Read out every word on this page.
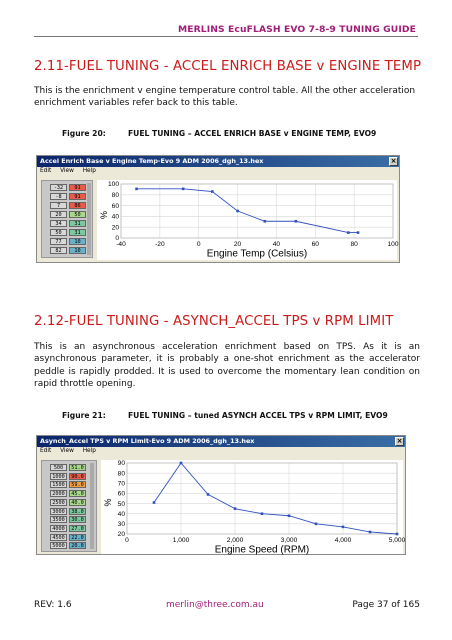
MERLINS EcuFLASH EVO 7-8-9 TUNING GUIDE
2.11-FUEL TUNING - ACCEL ENRICH BASE v ENGINE TEMP
This is the enrichment v engine temperature control table. All the other acceleration enrichment variables refer back to this table.
Figure 20:	FUEL TUNING – ACCEL ENRICH BASE v ENGINE TEMP, EVO9
Accel Enrich Base v Engine Temp-Evo 9 ADM 2006_dgh_13.hex	×
Edit View Help
-32	91
-8	91
7	86
20	50
34	31
50	31
77	10
82	10
0
20
40
60
80
100
-40	-20	0	20	40	60	80	100
%
Engine Temp (Celsius)
2.12-FUEL TUNING - ASYNCH_ACCEL TPS v RPM LIMIT
This is an asynchronous acceleration enrichment based on TPS. As it is an asynchronous parameter, it is probably a one-shot enrichment as the accelerator peddle is rapidly prodded. It is used to overcome the momentary lean condition on rapid throttle opening.
Figure 21:	FUEL TUNING – tuned ASYNCH ACCEL TPS v RPM LIMIT, EVO9
Asynch_Accel TPS v RPM Limit-Evo 9 ADM 2006_dgh_13.hex	×
Edit View Help
500	51.0
1000	90.0
1500	59.0
2000	45.0
2500	40.0
3000	38.0
3500	30.0
4000	27.0
4500	22.0
5000	20.0
20
30
40
50
60
70
80
90
0	1,000	2,000	3,000	4,000	5,000
%
Engine Speed (RPM)
REV: 1.6	merlin@three.com.au	Page 37 of 165
